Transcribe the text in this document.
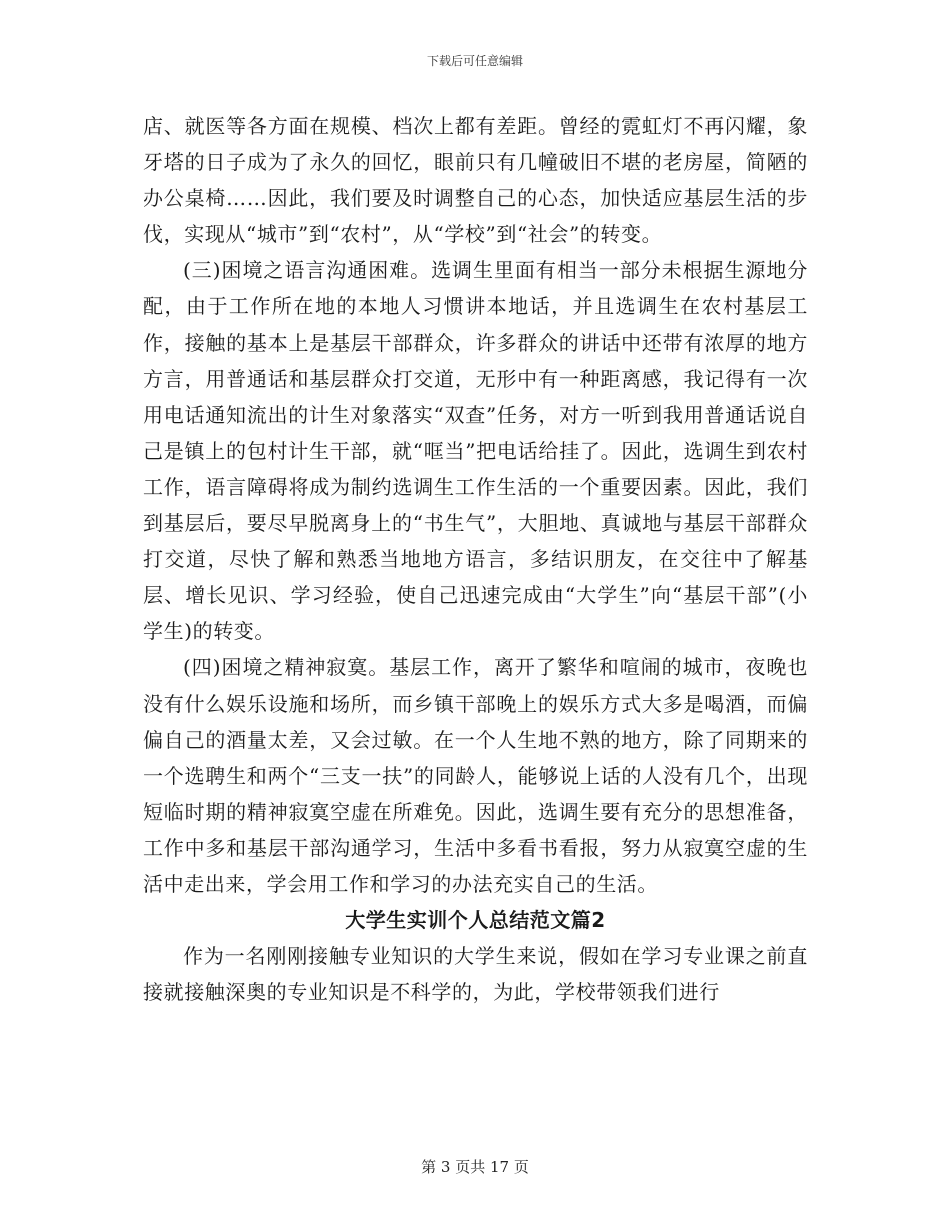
下载后可任意编辑

店、就医等各方面在规模、档次上都有差距。曾经的霓虹灯不再闪耀，象牙塔的日子成为了永久的回忆，眼前只有几幢破旧不堪的老房屋，简陋的办公桌椅……因此，我们要及时调整自己的心态，加快适应基层生活的步伐，实现从“城市”到“农村”，从“学校”到“社会”的转变。

(三)困境之语言沟通困难。选调生里面有相当一部分未根据生源地分配，由于工作所在地的本地人习惯讲本地话，并且选调生在农村基层工作，接触的基本上是基层干部群众，许多群众的讲话中还带有浓厚的地方方言，用普通话和基层群众打交道，无形中有一种距离感，我记得有一次用电话通知流出的计生对象落实“双查”任务，对方一听到我用普通话说自己是镇上的包村计生干部，就“哐当”把电话给挂了。因此，选调生到农村工作，语言障碍将成为制约选调生工作生活的一个重要因素。因此，我们到基层后，要尽早脱离身上的“书生气”，大胆地、真诚地与基层干部群众打交道，尽快了解和熟悉当地地方语言，多结识朋友，在交往中了解基层、增长见识、学习经验，使自己迅速完成由“大学生”向“基层干部”(小学生)的转变。

(四)困境之精神寂寞。基层工作，离开了繁华和喧闹的城市，夜晚也没有什么娱乐设施和场所，而乡镇干部晚上的娱乐方式大多是喝酒，而偏偏自己的酒量太差，又会过敏。在一个人生地不熟的地方，除了同期来的一个选聘生和两个“三支一扶”的同龄人，能够说上话的人没有几个，出现短临时期的精神寂寞空虚在所难免。因此，选调生要有充分的思想准备，工作中多和基层干部沟通学习，生活中多看书看报，努力从寂寞空虚的生活中走出来，学会用工作和学习的办法充实自己的生活。

大学生实训个人总结范文篇2

作为一名刚刚接触专业知识的大学生来说，假如在学习专业课之前直接就接触深奥的专业知识是不科学的，为此，学校带领我们进行

第 3 页共 17 页
